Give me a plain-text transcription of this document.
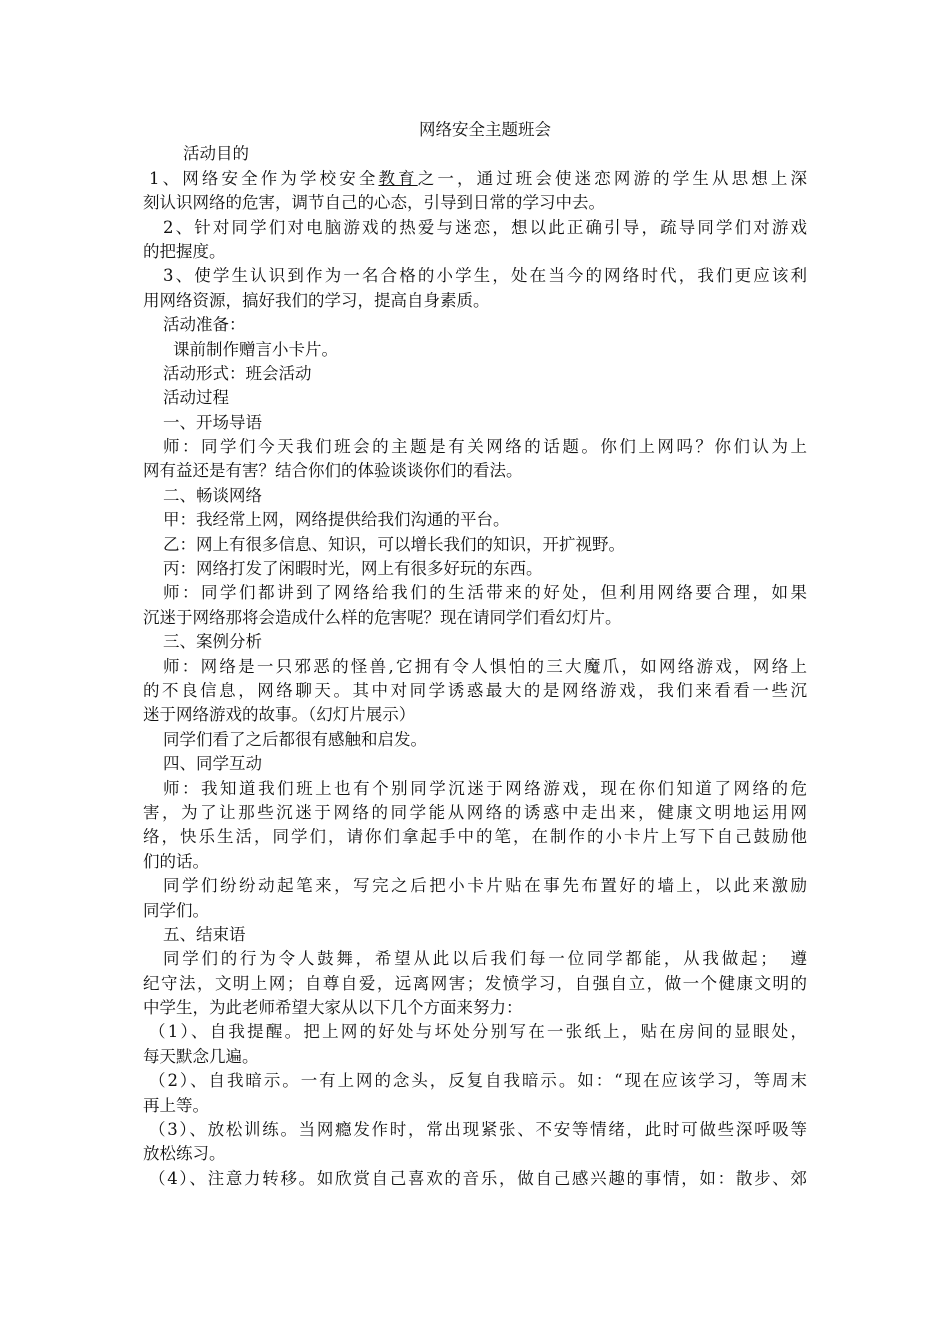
网络安全主题班会
活动目的
1、网络安全作为学校安全教育之一，通过班会使迷恋网游的学生从思想上深
刻认识网络的危害，调节自己的心态，引导到日常的学习中去。
2、针对同学们对电脑游戏的热爱与迷恋，想以此正确引导，疏导同学们对游戏
的把握度。
3、使学生认识到作为一名合格的小学生，处在当今的网络时代，我们更应该利
用网络资源，搞好我们的学习，提高自身素质。
活动准备：
课前制作赠言小卡片。
活动形式：班会活动
活动过程
一、开场导语
师：同学们今天我们班会的主题是有关网络的话题。你们上网吗？你们认为上
网有益还是有害？结合你们的体验谈谈你们的看法。
二、畅谈网络
甲：我经常上网，网络提供给我们沟通的平台。
乙：网上有很多信息、知识，可以增长我们的知识，开扩视野。
丙：网络打发了闲暇时光，网上有很多好玩的东西。
师：同学们都讲到了网络给我们的生活带来的好处，但利用网络要合理，如果
沉迷于网络那将会造成什么样的危害呢？现在请同学们看幻灯片。
三、案例分析
师：网络是一只邪恶的怪兽,它拥有令人惧怕的三大魔爪，如网络游戏，网络上
的不良信息，网络聊天。其中对同学诱惑最大的是网络游戏，我们来看看一些沉
迷于网络游戏的故事。（幻灯片展示）
同学们看了之后都很有感触和启发。
四、同学互动
师：我知道我们班上也有个别同学沉迷于网络游戏，现在你们知道了网络的危
害，为了让那些沉迷于网络的同学能从网络的诱惑中走出来，健康文明地运用网
络，快乐生活，同学们，请你们拿起手中的笔，在制作的小卡片上写下自己鼓励他
们的话。
同学们纷纷动起笔来，写完之后把小卡片贴在事先布置好的墙上，以此来激励
同学们。
五、结束语
同学们的行为令人鼓舞，希望从此以后我们每一位同学都能，从我做起；　遵
纪守法，文明上网；自尊自爱，远离网害；发愤学习，自强自立，做一个健康文明的
中学生，为此老师希望大家从以下几个方面来努力：
（1）、自我提醒。把上网的好处与坏处分别写在一张纸上，贴在房间的显眼处，
每天默念几遍。
（2）、自我暗示。一有上网的念头，反复自我暗示。如：“现在应该学习，等周末
再上等。
（3）、放松训练。当网瘾发作时，常出现紧张、不安等情绪，此时可做些深呼吸等
放松练习。
（4）、注意力转移。如欣赏自己喜欢的音乐，做自己感兴趣的事情，如：散步、郊
